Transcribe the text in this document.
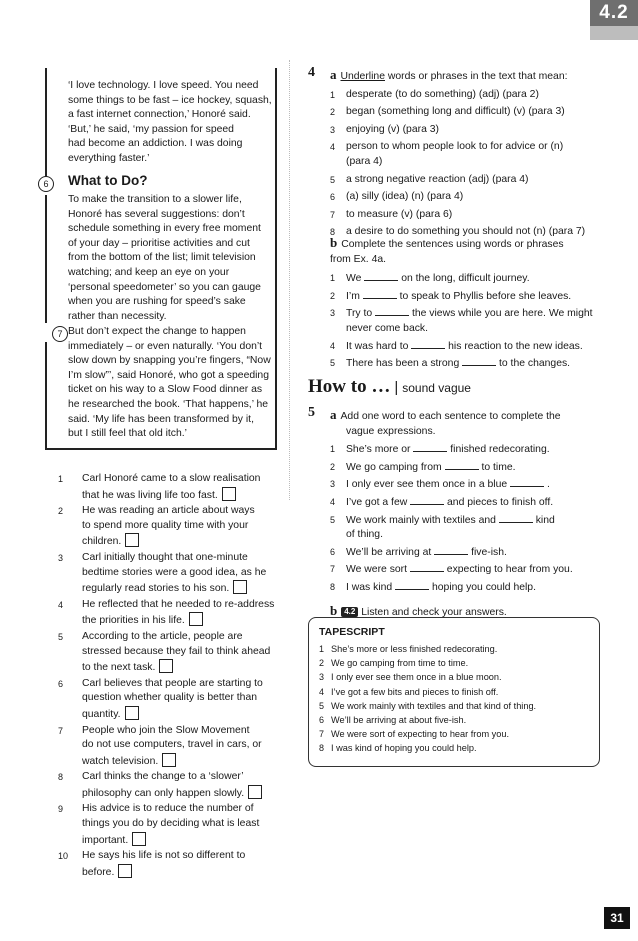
4.2

‘I love technology. I love speed. You need

some things to be fast – ice hockey, squash,

a fast internet connection,’ Honoré said.

‘But,’ he said, ‘my passion for speed

had become an addiction. I was doing

everything faster.’

6	What to Do?

To make the transition to a slower life,

Honoré has several suggestions: don’t

schedule something in every free moment

of your day – prioritise activities and cut

from the bottom of the list; limit television

watching; and keep an eye on your

‘personal speedometer’ so you can gauge

when you are rushing for speed’s sake

rather than necessity.

7 But don’t expect the change to happen

immediately – or even naturally. ‘You don’t

slow down by snapping you’re fingers, “Now

I’m slow”’, said Honoré, who got a speeding

ticket on his way to a Slow Food dinner as

he researched the book. ‘That happens,’ he

said. ‘My life has been transformed by it,

but I still feel that old itch.’

1 Carl Honoré came to a slow realisation
that he was living life too fast.
2 He was reading an article about ways
to spend more quality time with your
children.
3 Carl initially thought that one-minute
bedtime stories were a good idea, as he
regularly read stories to his son.
4 He reflected that he needed to re-address
the priorities in his life.
5 According to the article, people are
stressed because they fail to think ahead
to the next task.
6 Carl believes that people are starting to
question whether quality is better than
quantity.
7 People who join the Slow Movement
do not use computers, travel in cars, or
watch television.
8 Carl thinks the change to a ‘slower’
philosophy can only happen slowly.
9 His advice is to reduce the number of
things you do by deciding what is least
important.
10 He says his life is not so different to
before.
4 a Underline words or phrases in the text that mean:
1 desperate (to do something) (adj) (para 2)
2 began (something long and difficult) (v) (para 3)
3 enjoying (v) (para 3)
4 person to whom people look to for advice or (n)
(para 4)
5 a strong negative reaction (adj) (para 4)
6 (a) silly (idea) (n) (para 4)
7 to measure (v) (para 6)
8 a desire to do something you should not (n) (para 7)
b Complete the sentences using words or phrases
from Ex. 4a.
1 We	on the long, difficult journey.
2 I’m	to speak to Phyllis before she leaves.
3 Try to	the views while you are here. We might
never come back.
4 It was hard to	his reaction to the new ideas.
5 There has been a strong	to the changes.
How to … | sound vague
5 a Add one word to each sentence to complete the
vague expressions.
1 She’s more or	finished redecorating.
2 We go camping from	to time.
3 I only ever see them once in a blue	.
4 I’ve got a few	and pieces to finish off.
5 We work mainly with textiles and	kind
of thing.
6 We’ll be arriving at	five-ish.
7 We were sort	expecting to hear from you.
8 I was kind	hoping you could help.
b 4.2 Listen and check your answers.
TAPESCRIPT
1 She’s more or less finished redecorating.
2 We go camping from time to time.
3 I only ever see them once in a blue moon.
4 I’ve got a few bits and pieces to finish off.
5 We work mainly with textiles and that kind of thing.
6 We’ll be arriving at about five-ish.
7 We were sort of expecting to hear from you.
8 I was kind of hoping you could help.
31
